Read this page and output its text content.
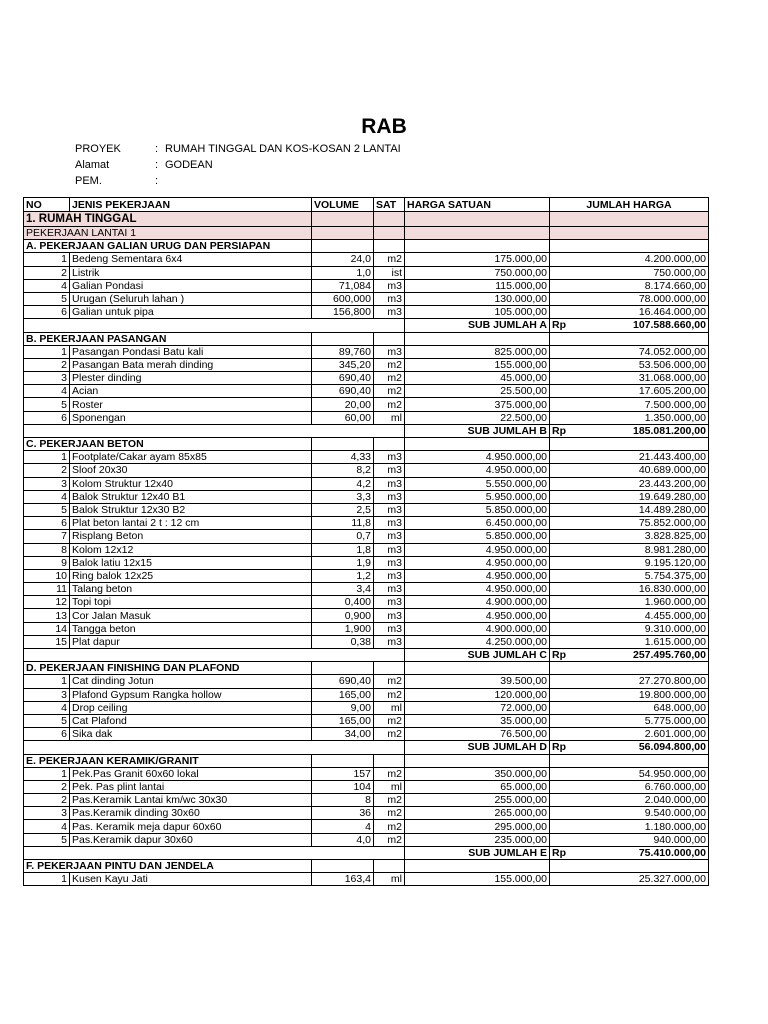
RAB
PROYEK	: RUMAH TINGGAL DAN KOS-KOSAN 2 LANTAI
Alamat	: GODEAN
PEM.	:
NO	JENIS PEKERJAAN	VOLUME	SAT	HARGA SATUAN	JUMLAH HARGA
1. RUMAH TINGGAL					
PEKERJAAN LANTAI 1					
A. PEKERJAAN GALIAN URUG DAN PERSIAPAN					
1	Bedeng Sementara 6x4	24,0	m2	175.000,00	4.200.000,00
2	Listrik	1,0	ist	750.000,00	750.000,00
4	Galian Pondasi	71,084	m3	115.000,00	8.174.660,00
5	Urugan (Seluruh lahan )	600,000	m3	130.000,00	78.000.000,00
6	Galian untuk pipa	156,800	m3	105.000,00	16.464.000,00
				SUB JUMLAH A	Rp 107.588.660,00

B. PEKERJAAN PASANGAN					
1	Pasangan Pondasi Batu kali	89,760	m3	825.000,00	74.052.000,00
2	Pasangan Bata merah dinding	345,20	m2	155.000,00	53.506.000,00
3	Plester dinding	690,40	m2	45.000,00	31.068.000,00
4	Acian	690,40	m2	25.500,00	17.605.200,00
5	Roster	20,00	m2	375.000,00	7.500.000,00
6	Sponengan	60,00	ml	22.500,00	1.350.000,00
				SUB JUMLAH B	Rp 185.081.200,00

C. PEKERJAAN BETON					
1	Footplate/Cakar ayam 85x85	4,33	m3	4.950.000,00	21.443.400,00
2	Sloof 20x30	8,2	m3	4.950.000,00	40.689.000,00
3	Kolom Struktur 12x40	4,2	m3	5.550.000,00	23.443.200,00
4	Balok Struktur 12x40 B1	3,3	m3	5.950.000,00	19.649.280,00
5	Balok Struktur 12x30 B2	2,5	m3	5.850.000,00	14.489.280,00
6	Plat beton lantai 2 t : 12 cm	11,8	m3	6.450.000,00	75.852.000,00
7	Risplang Beton	0,7	m3	5.850.000,00	3.828.825,00
8	Kolom 12x12	1,8	m3	4.950.000,00	8.981.280,00
9	Balok latiu 12x15	1,9	m3	4.950.000,00	9.195.120,00
10	Ring balok 12x25	1,2	m3	4.950.000,00	5.754.375,00
11	Talang beton	3,4	m3	4.950.000,00	16.830.000,00
12	Topi topi	0,400	m3	4.900.000,00	1.960.000,00
13	Cor Jalan Masuk	0,900	m3	4.950.000,00	4.455.000,00
14	Tangga beton	1,900	m3	4.900.000,00	9.310.000,00
15	Plat dapur	0,38	m3	4.250.000,00	1.615.000,00
				SUB JUMLAH C	Rp 257.495.760,00

D. PEKERJAAN FINISHING DAN PLAFOND					
1	Cat dinding Jotun	690,40	m2	39.500,00	27.270.800,00
3	Plafond Gypsum Rangka hollow	165,00	m2	120.000,00	19.800.000,00
4	Drop ceiling	9,00	ml	72.000,00	648.000,00
5	Cat Plafond	165,00	m2	35.000,00	5.775.000,00
6	Sika dak	34,00	m2	76.500,00	2.601.000,00
				SUB JUMLAH D	Rp 56.094.800,00

E. PEKERJAAN KERAMIK/GRANIT					
1	Pek.Pas Granit 60x60 lokal	157	m2	350.000,00	54.950.000,00
2	Pek. Pas plint lantai	104	ml	65.000,00	6.760.000,00
2	Pas.Keramik Lantai km/wc 30x30	8	m2	255.000,00	2.040.000,00
3	Pas.Keramik dinding 30x60	36	m2	265.000,00	9.540.000,00
4	Pas. Keramik meja dapur 60x60	4	m2	295.000,00	1.180.000,00
5	Pas.Keramik dapur 30x60	4,0	m2	235.000,00	940.000,00
				SUB JUMLAH E	Rp 75.410.000,00

F. PEKERJAAN PINTU DAN JENDELA					
1	Kusen Kayu Jati	163,4	ml	155.000,00	25.327.000,00
